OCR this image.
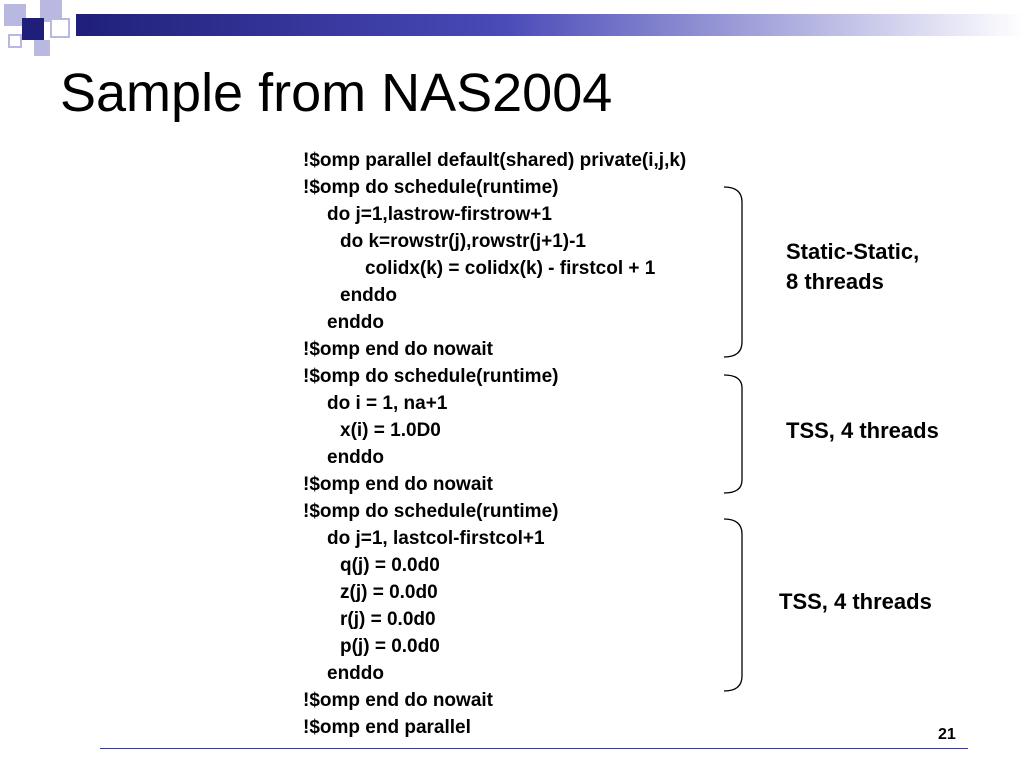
Sample from NAS2004
!$omp parallel default(shared) private(i,j,k)
!$omp do schedule(runtime)
do j=1,lastrow-firstrow+1
do k=rowstr(j),rowstr(j+1)-1
colidx(k) = colidx(k) - firstcol + 1
enddo
enddo
!$omp end do nowait
!$omp do schedule(runtime)
do i = 1, na+1
x(i) = 1.0D0
enddo
!$omp end do nowait
!$omp do schedule(runtime)
do j=1, lastcol-firstcol+1
q(j) = 0.0d0
z(j) = 0.0d0
r(j) = 0.0d0
p(j) = 0.0d0
enddo
!$omp end do nowait
!$omp end parallel
Static-Static,
8 threads
TSS, 4 threads
TSS, 4 threads
21
